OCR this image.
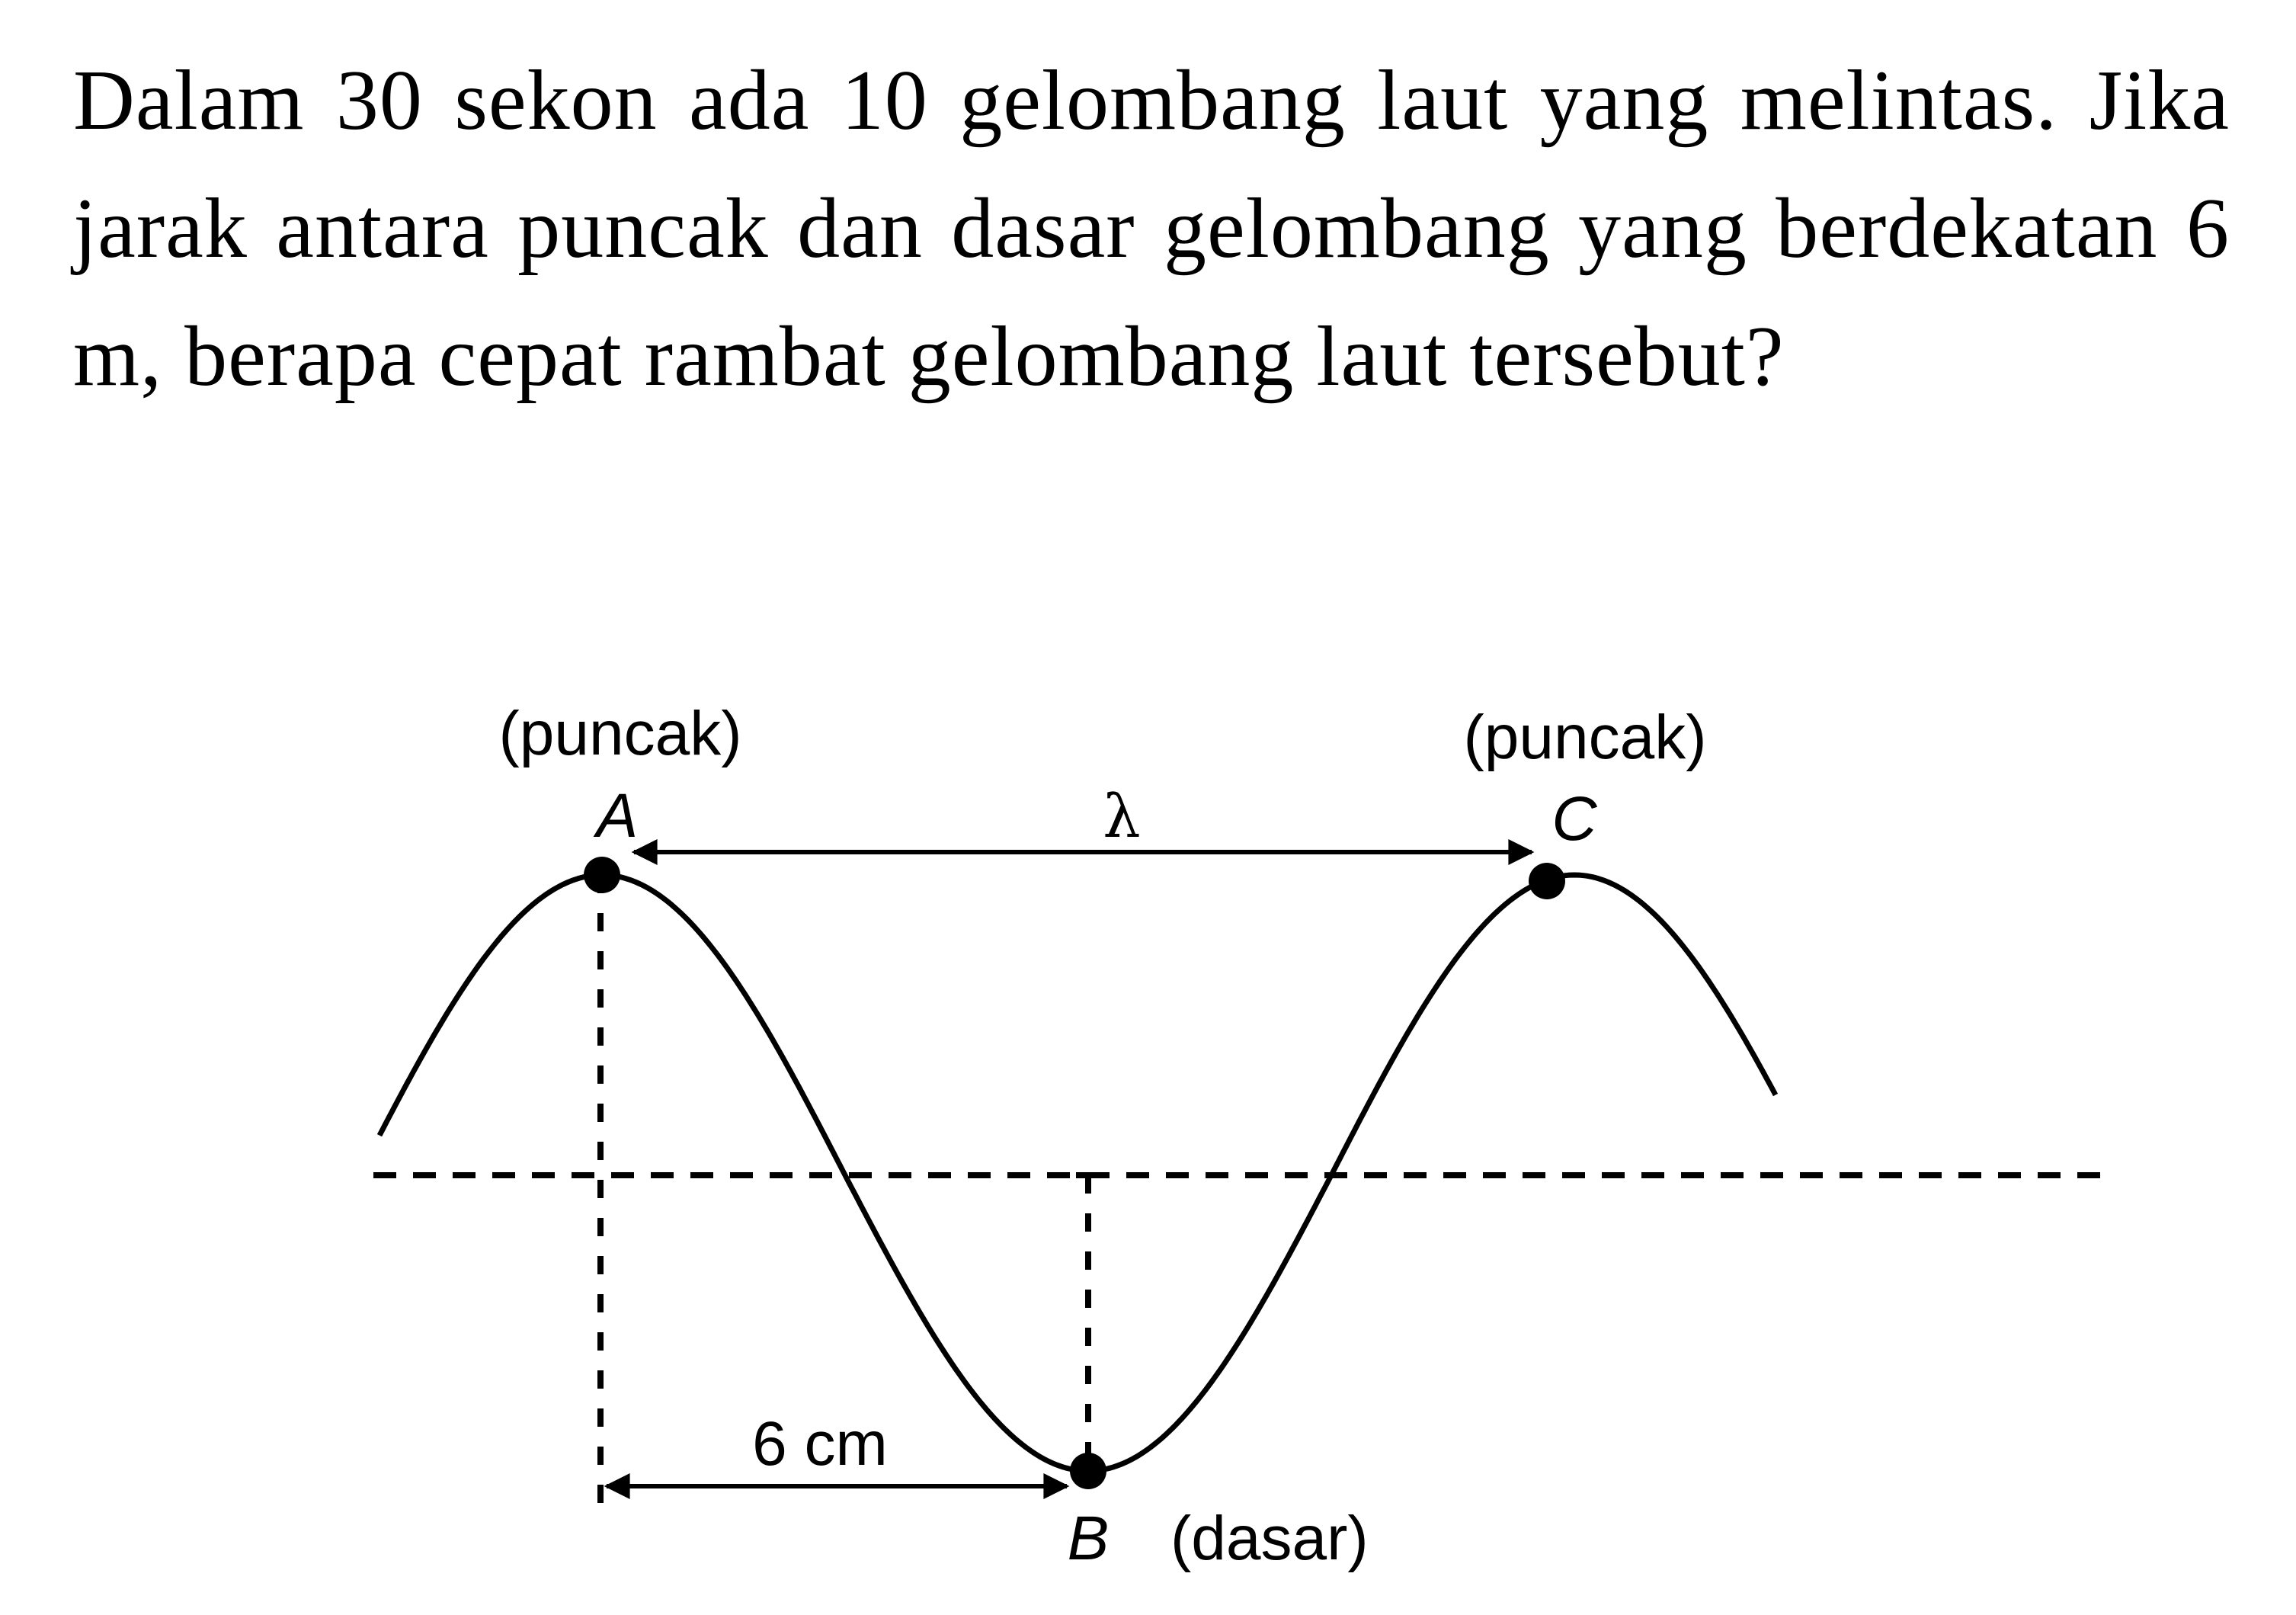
Dalam 30 sekon ada 10 gelombang laut yang melintas. Jika jarak antara puncak dan dasar gelombang yang berdekatan 6 m, berapa cepat rambat gelombang laut tersebut?

(puncak)	(puncak)
A	C
λ
6 cm
B (dasar)
